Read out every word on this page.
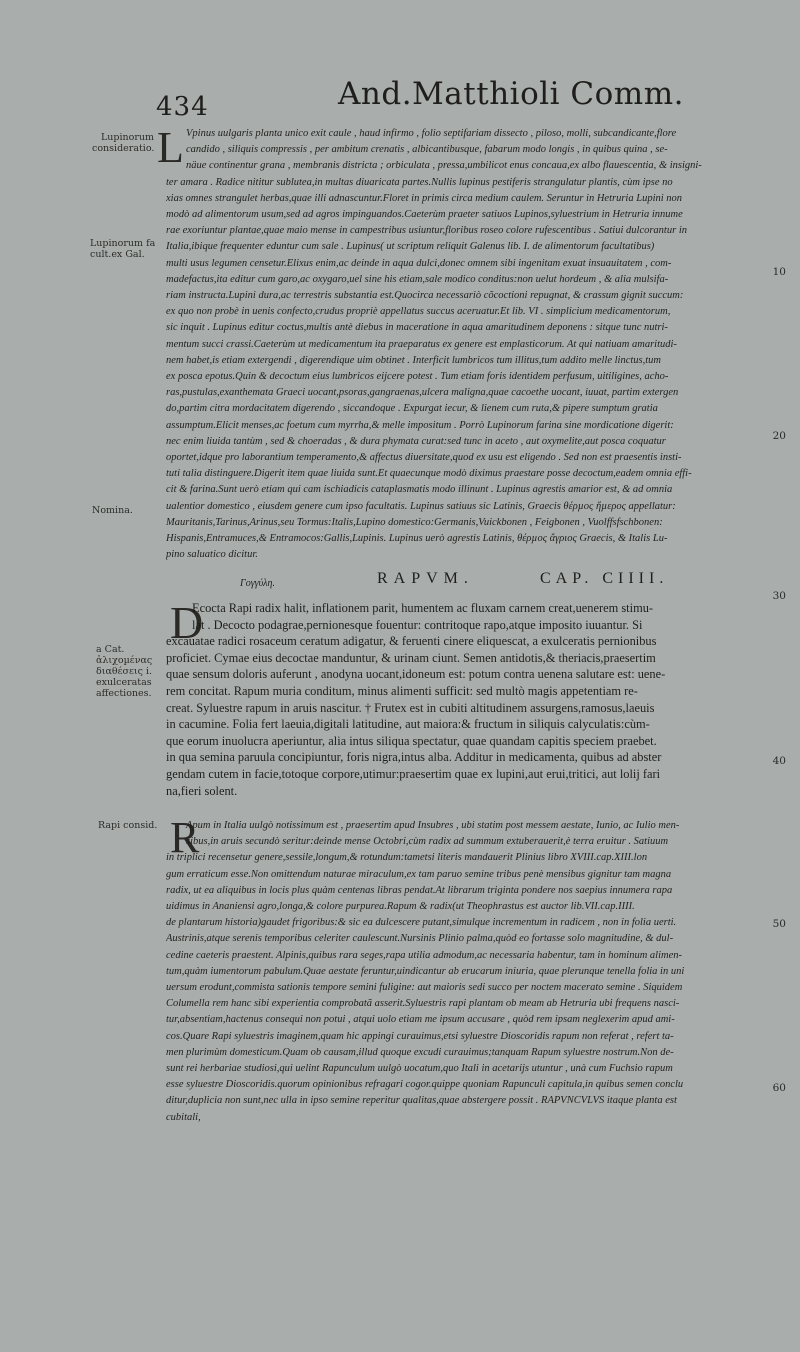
434	And.Matthioli Comm.
Lupinorum consideratio.
Lupinorum fa cult.ex Gal.
Nomina.
a Cat. ἀλιχοµένας διαθέσεις i. exulceratas affectiones.
Rapi consid.
10
20
30
40
50
60
L Vpinus uulgaris planta unico exit caule , haud infirmo , folio septifariam dissecto , piloso, molli, subcandicante,flore
candido , siliquis compressis , per ambitum crenatis , albicantibusque, fabarum modo longis , in quibus quina , se-
näue continentur grana , membranis districta ; orbiculata , pressa,umbilicot enus concaua,ex albo flauescentia, & insigni-
ter amara . Radice nititur sublutea,in multas diuaricata partes.Nullis lupinus pestiferis strangulatur plantis, cùm ipse no
xias omnes strangulet herbas,quae illi adnascuntur.Floret in primis circa medium caulem. Seruntur in Hetruria Lupini non
modò ad alimentorum usum,sed ad agros impinguandos.Caeterùm praeter satiuos Lupinos,syluestrium in Hetruria innume
rae exoriuntur plantae,quae maio mense in campestribus usiuntur,floribus roseo colore rufescentibus . Satiui dulcorantur in
Italia,ibique frequenter eduntur cum sale . Lupinus( ut scriptum reliquit Galenus lib. I. de alimentorum facultatibus)
multi usus legumen censetur.Elixus enim,ac deinde in aqua dulci,donec omnem sibi ingenitam exuat insuauitatem , com-
madefactus,ita editur cum garo,ac oxygaro,uel sine his etiam,sale modico conditus:non uelut hordeum , & alia mulsifa-
riam instructa.Lupini dura,ac terrestris substantia est.Quocirca necessariò cõcoctioni repugnat, & crassum gignit succum:
ex quo non probè in uenis confecto,crudus propriè appellatus succus aceruatur.Et lib. VI . simplicium medicamentorum,
sic inquit . Lupinus editur coctus,multis antè diebus in maceratione in aqua amaritudinem deponens : sitque tunc nutri-
mentum succi crassi.Caeterùm ut medicamentum ita praeparatus ex genere est emplasticorum. At qui natiuam amaritudi-
nem habet,is etiam extergendi , digerendique uim obtinet . Interficit lumbricos tum illitus,tum addito melle linctus,tum
ex posca epotus.Quin & decoctum eius lumbricos eijcere potest . Tum etiam foris identidem perfusum, uitiligines, acho-
ras,pustulas,exanthemata Graeci uocant,psoras,gangraenas,ulcera maligna,quae cacoethe uocant, iuuat, partim extergen
do,partim citra mordacitatem digerendo , siccandoque . Expurgat iecur, & lienem cum ruta,& pipere sumptum gratia
assumptum.Elicit menses,ac foetum cum myrrha,& melle impositum . Porrò Lupinorum farina sine mordicatione digerit:
nec enim liuida tantùm , sed & choeradas , & dura phymata curat:sed tunc in aceto , aut oxymelite,aut posca coquatur
oportet,idque pro laborantium temperamento,& affectus diuersitate,quod ex usu est eligendo . Sed non est praesentis insti-
tuti talia distinguere.Digerit item quae liuida sunt.Et quaecunque modò diximus praestare posse decoctum,eadem omnia effi-
cit & farina.Sunt uerò etiam qui cam ischiadicis cataplasmatis modo illinunt . Lupinus agrestis amarior est, & ad omnia
ualentior domestico , eiusdem genere cum ipso facultatis. Lupinus satiuus sic Latinis, Graecis θέρµος ἥµερος appellatur:
Mauritanis,Tarinus,Arinus,seu Tormus:Italis,Lupino domestico:Germanis,Vuickbonen , Feigbonen , Vuolffsfschbonen:
Hispanis,Entramuces,& Entramocos:Gallis,Lupinis. Lupinus uerò agrestis Latinis, θέρµος ἄγριος Graecis, & Italis Lu-
pino saluatico dicitur.
Γογγύλη.	RAPVM.	CAP. CIIII.
D
Ecocta Rapi radix halit, inflationem parit, humentem ac fluxam carnem creat,uenerem stimu-
lat . Decocto podagrae,pernionesque fouentur: contritoque rapo,atque imposito iuuantur. Si
excauatae radici rosaceum ceratum adigatur, & feruenti cinere eliquescat, a exulceratis pernionibus
proficiet. Cymae eius decoctae manduntur, & urinam ciunt. Semen antidotis,& theriacis,praesertim
quae sensum doloris auferunt , anodyna uocant,idoneum est: potum contra uenena salutare est: uene-
rem concitat. Rapum muria conditum, minus alimenti sufficit: sed multò magis appetentiam re-
creat. Syluestre rapum in aruis nascitur. † Frutex est in cubiti altitudinem assurgens,ramosus,laeuis
in cacumine. Folia fert laeuia,digitali latitudine, aut maiora:& fructum in siliquis calyculatis:cùm-
que eorum inuolucra aperiuntur, alia intus siliqua spectatur, quae quandam capitis speciem praebet.
in qua semina paruula concipiuntur, foris nigra,intus alba. Additur in medicamenta, quibus ad abster
gendam cutem in facie,totoque corpore,utimur:praesertim quae ex lupini,aut erui,tritici, aut lolij fari
na,fieri solent.
R
Apum in Italia uulgò notissimum est , praesertim apud Insubres , ubi statim post messem aestate, Iunio, ac Iulio men-
sibus,in aruis secundò seritur:deinde mense Octobri,cùm radix ad summum extuberauerit,è terra eruitur . Satiuum
in triplici recensetur genere,sessile,longum,& rotundum:tametsi literis mandauerit Plinius libro XVIII.cap.XIII.lon
gum erraticum esse.Non omittendum naturae miraculum,ex tam paruo semine tribus penè mensibus gignitur tam magna
radix, ut ea aliquibus in locis plus quàm centenas libras pendat.At librarum triginta pondere nos saepius innumera rapa
uidimus in Ananiensi agro,longa,& colore purpurea.Rapum & radix(ut Theophrastus est auctor lib.VII.cap.IIII.
de plantarum historia)gaudet frigoribus:& sic ea dulcescere putant,simulque incrementum in radicem , non in folia uerti.
Austrinis,atque serenis temporibus celeriter caulescunt.Nursinis Plinio palma,quòd eo fortasse solo magnitudine, & dul-
cedine caeteris praestent. Alpinis,quibus rara seges,rapa utilia admodum,ac necessaria habentur, tam in hominum alimen-
tum,quàm iumentorum pabulum.Quae aestate feruntur,uindicantur ab erucarum iniuria, quae plerunque tenella folia in uni
uersum erodunt,commista sationis tempore semini fuligine: aut maioris sedi succo per noctem macerato semine . Siquidem
Columella rem hanc sibi experientia comprobatã asserit.Syluestris rapi plantam ob meam ab Hetruria ubi frequens nasci-
tur,absentiam,hactenus consequi non potui , atqui uolo etiam me ipsum accusare , quòd rem ipsam neglexerim apud ami-
cos.Quare Rapi syluestris imaginem,quam hic appingi curauimus,etsi syluestre Dioscoridis rapum non referat , refert ta-
men plurimùm domesticum.Quam ob causam,illud quoque excudi curauimus;tanquam Rapum syluestre nostrum.Non de-
sunt rei herbariae studiosi,qui uelint Rapunculum uulgò uocatum,quo Itali in acetarijs utuntur , unà cum Fuchsio rapum
esse syluestre Dioscoridis.quorum opinionibus refragari cogor.quippe quoniam Rapunculi capitula,in quibus semen conclu
ditur,duplicia non sunt,nec ulla in ipso semine reperitur qualitas,quae abstergere possit . RAPVNCVLVS itaque planta est
cubitali,
